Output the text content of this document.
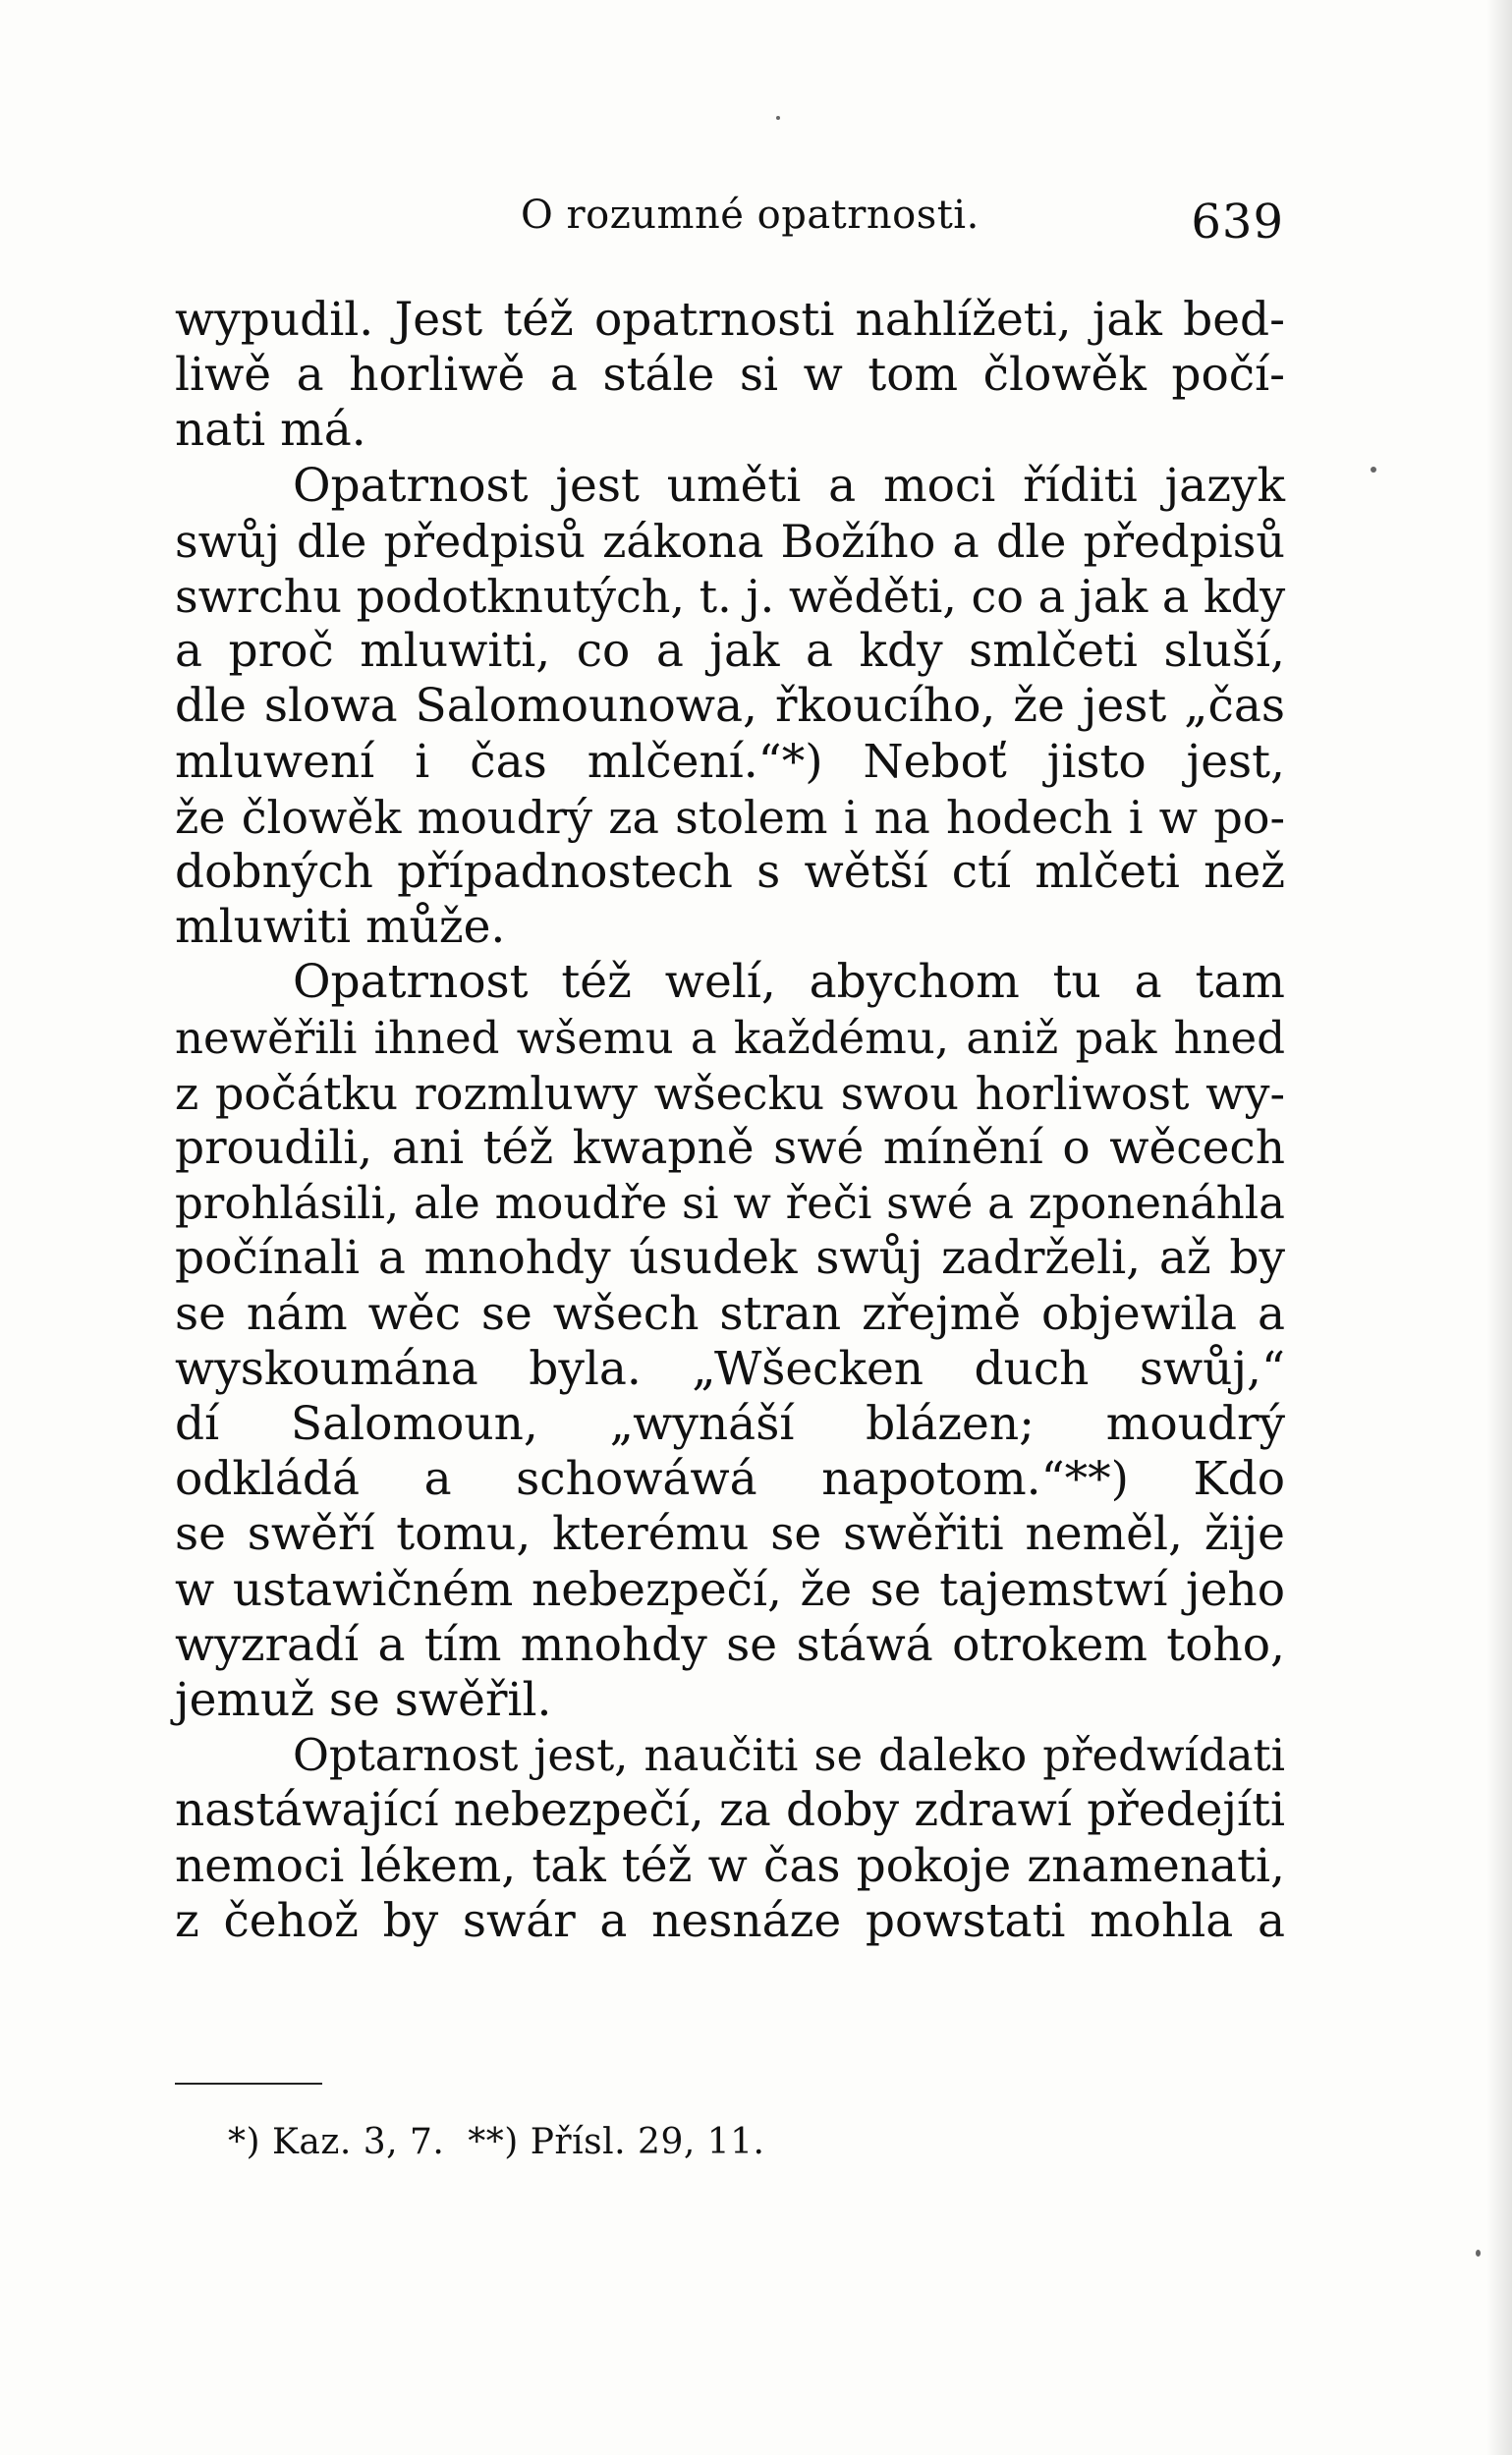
O rozumné opatrnosti.	639
wypudil. Jest též opatrnosti nahlížeti, jak bed-
liwě a horliwě a stále si w tom člowěk počí-
nati má.
Opatrnost jest uměti a moci říditi jazyk
swůj dle předpisů zákona Božího a dle předpisů
swrchu podotknutých, t. j. wěděti, co a jak a kdy
a proč mluwiti, co a jak a kdy smlčeti sluší,
dle slowa Salomounowa, řkoucího, že jest „čas
mluwení i čas mlčení.“*) Neboť jisto jest,
že člowěk moudrý za stolem i na hodech i w po-
dobných případnostech s wětší ctí mlčeti než
mluwiti může.
Opatrnost též welí, abychom tu a tam
newěřili ihned wšemu a každému, aniž pak hned
z počátku rozmluwy wšecku swou horliwost wy-
proudili, ani též kwapně swé mínění o wěcech
prohlásili, ale moudře si w řeči swé a zponenáhla
počínali a mnohdy úsudek swůj zadrželi, až by
se nám wěc se wšech stran zřejmě objewila a
wyskoumána byla. „Wšecken duch swůj,“
dí Salomoun, „wynáší blázen; moudrý
odkládá a schowáwá napotom.“**) Kdo
se swěří tomu, kterému se swěřiti neměl, žije
w ustawičném nebezpečí, že se tajemstwí jeho
wyzradí a tím mnohdy se stáwá otrokem toho,
jemuž se swěřil.
Optarnost jest, naučiti se daleko předwídati
nastáwající nebezpečí, za doby zdrawí předejíti
nemoci lékem, tak též w čas pokoje znamenati,
z čehož by swár a nesnáze powstati mohla a
*) Kaz. 3, 7.  **) Přísl. 29, 11.
